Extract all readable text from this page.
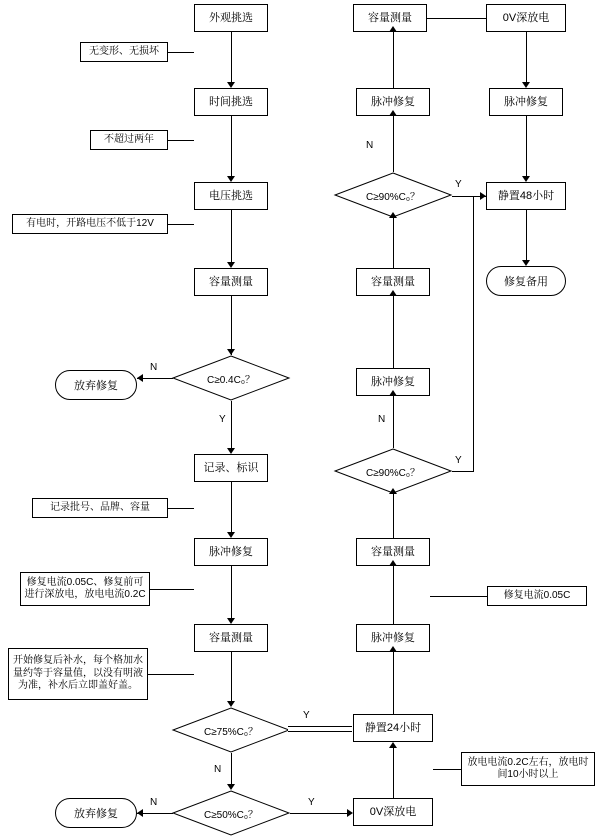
外观挑选
时间挑选
电压挑选
容量测量
记录、标识
脉冲修复
容量测量
放弃修复
放弃修复
静置24小时
0V深放电
脉冲修复
容量测量
脉冲修复
容量测量
脉冲修复
容量测量	0V深放电
脉冲修复
静置48小时
修复备用
C≥0.4C₀？
C≥75%C₀？
C≥50%C₀？
C≥90%C₀？
C≥90%C₀？
无变形、无损坏
不超过两年
有电时，开路电压不低于12V
记录批号、品牌、容量
修复电流0.05C、修复前可进行深放电，放电电流0.2C
开始修复后补水，每个格加水量约等于容量值，以没有明液为准，补水后立即盖好盖。
修复电流0.05C
放电电流0.2C左右，放电时间10小时以上
N
Y
Y
N
N	Y
N
N
Y
Y
